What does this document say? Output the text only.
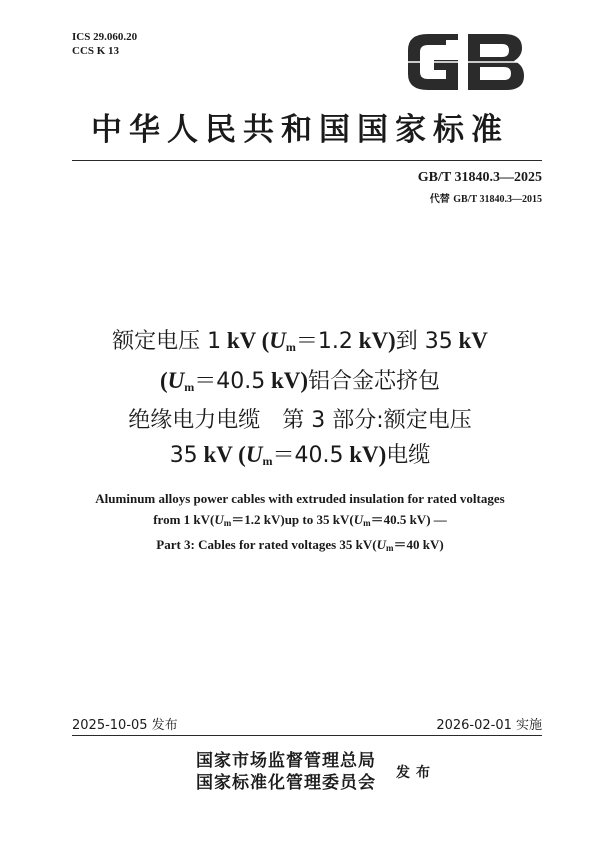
ICS 29.060.20
CCS K 13
中华人民共和国国家标准
GB/T 31840.3—2025
代替 GB/T 31840.3—2015
额定电压 1 kV ($U_m=1.2$ kV)到 35 kV
($U_m=40.5$ kV)铝合金芯挤包
绝缘电力电缆　第 3 部分:额定电压
35 kV ($U_m=40.5$ kV)电缆
Aluminum alloys power cables with extruded insulation for rated voltages
from 1 $kV(U_m=1.2$ kV)up to 35 $kV(U_m=40.5$ kV) —
Part 3: Cables for rated voltages 35 $kV(U_m=40$ kV)
2025-10-05 发布	2026-02-01 实施
国家市场监督管理总局
国家标准化管理委员会 发布
